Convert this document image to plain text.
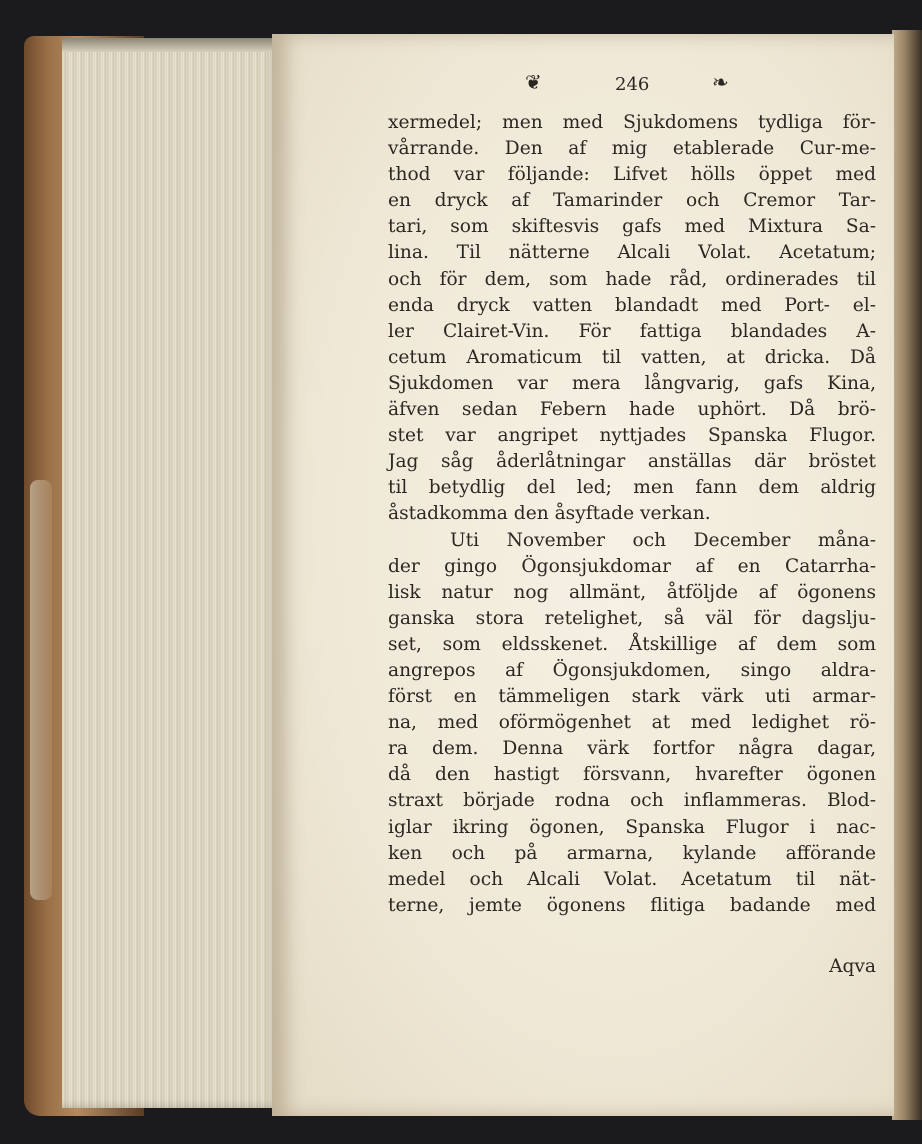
❦	246	❧
xermedel; men med Sjukdomens tydliga för-
vårrande. Den af mig etablerade Cur-me-
thod var följande: Lifvet hölls öppet med
en dryck af Tamarinder och Cremor Tar-
tari, som skiftesvis gafs med Mixtura Sa-
lina. Til nätterne Alcali Volat. Acetatum;
och för dem, som hade råd, ordinerades til
enda dryck vatten blandadt med Port- el-
ler Clairet-Vin. För fattiga blandades A-
cetum Aromaticum til vatten, at dricka. Då
Sjukdomen var mera långvarig, gafs Kina,
äfven sedan Febern hade uphört. Då brö-
stet var angripet nyttjades Spanska Flugor.
Jag såg åderlåtningar anställas där bröstet
til betydlig del led; men fann dem aldrig
åstadkomma den åsyftade verkan.
Uti November och December måna-
der gingo Ögonsjukdomar af en Catarrha-
lisk natur nog allmänt, åtföljde af ögonens
ganska stora retelighet, så väl för dagslju-
set, som eldsskenet. Åtskillige af dem som
angrepos af Ögonsjukdomen, singo aldra-
först en tämmeligen stark värk uti armar-
na, med oförmögenhet at med ledighet rö-
ra dem. Denna värk fortfor några dagar,
då den hastigt försvann, hvarefter ögonen
straxt började rodna och inflammeras. Blod-
iglar ikring ögonen, Spanska Flugor i nac-
ken och på armarna, kylande afförande
medel och Alcali Volat. Acetatum til nät-
terne, jemte ögonens flitiga badande med
Aqva
